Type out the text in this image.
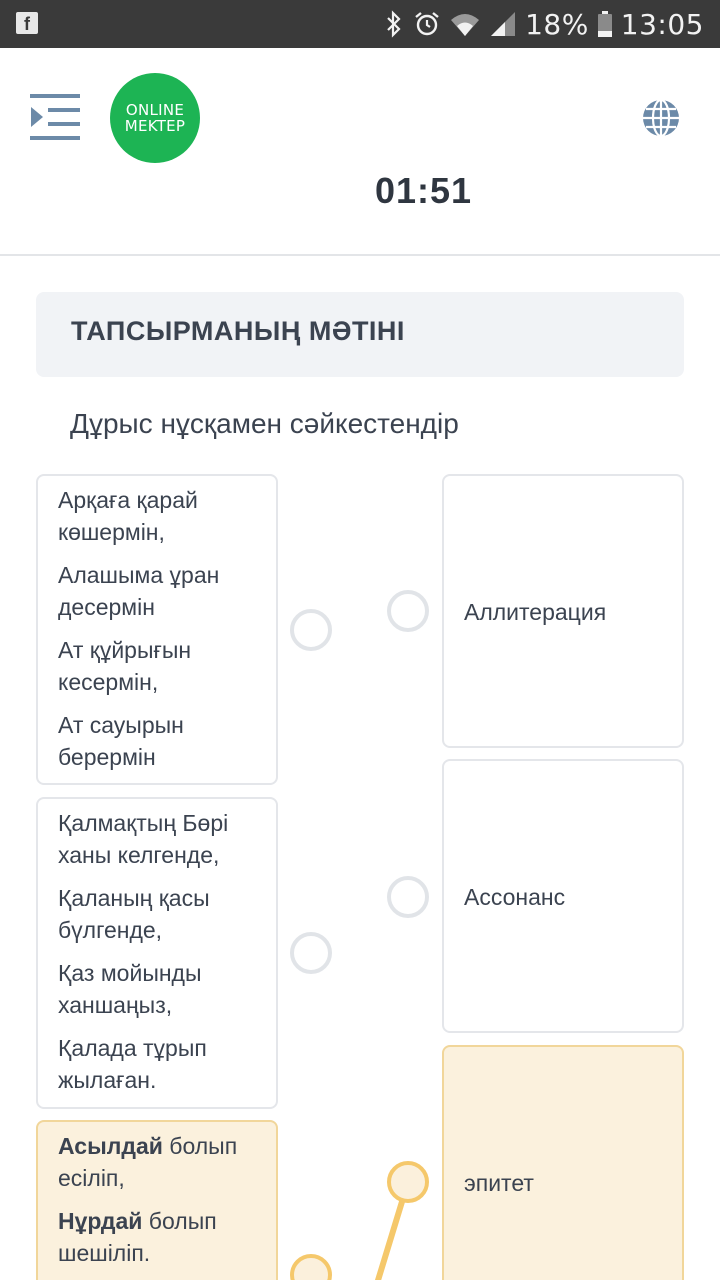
f	18% 13:05
ONLINE
MEKTEP
01:51
ТАПСЫРМАНЫҢ МӘТІНІ
Дұрыс нұсқамен сәйкестендір

Арқаға қарай көшермін,

Алашыма ұран десермін

Ат құйрығын кесермін,

Ат сауырын берермін

Қалмақтың Бөрі ханы келгенде,

Қаланың қасы бүлгенде,

Қаз мойынды ханшаңыз,

Қалада тұрып жылаған.

Асылдай болып есіліп,

Нұрдай болып шешіліп.

Аллитерация
Ассонанс
эпитет
